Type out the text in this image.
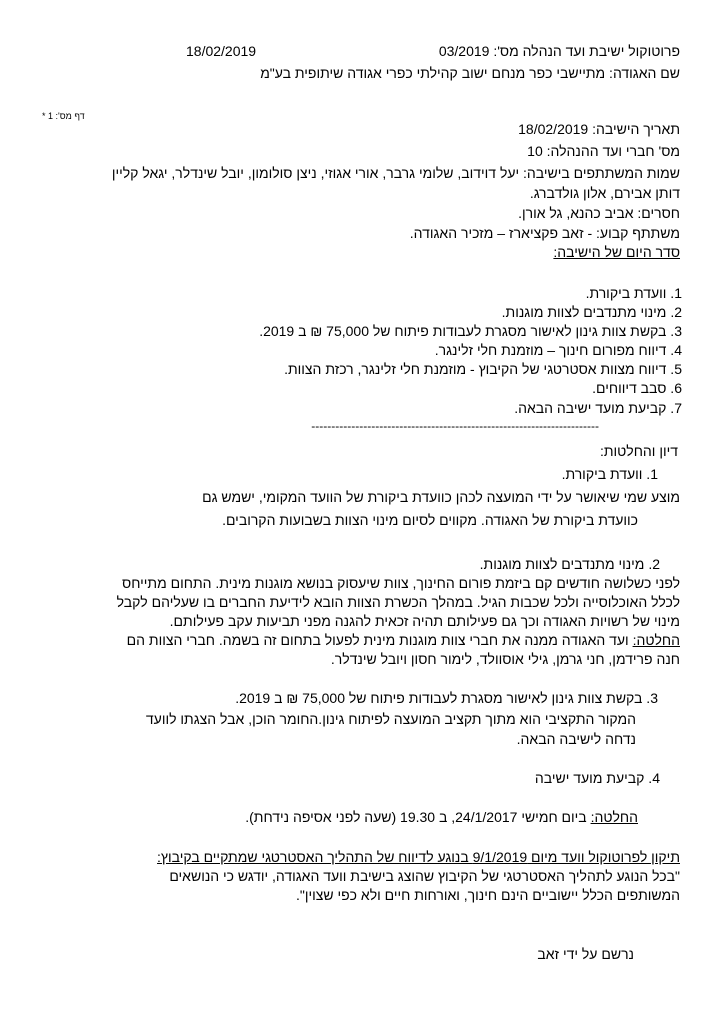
פרוטוקול ישיבת ועד הנהלה מס': 03/2019
18/02/2019
שם האגודה: מתיישבי כפר מנחם ישוב קהילתי כפרי אגודה שיתופית בע"מ
דף מס': 1 *
תאריך הישיבה: 18/02/2019
מס' חברי ועד ההנהלה: 10
שמות המשתתפים בישיבה: יעל דוידוב, שלומי גרבר, אורי אגוזי, ניצן סולומון, יובל שינדלר, יגאל קליין
דותן אבירם, אלון גולדברג.
חסרים: אביב כהנא, גל אורן.
משתתף קבוע: - זאב פקציארז – מזכיר האגודה.
סדר היום של הישיבה:
1. וועדת ביקורת.
2. מינוי מתנדבים לצוות מוגנות.
3. בקשת צוות גינון לאישור מסגרת לעבודות פיתוח של 75,000 ₪ ב 2019.
4. דיווח מפורום חינוך – מוזמנת חלי זלינגר.
5. דיווח מצוות אסטרטגי של הקיבוץ - מוזמנת חלי זלינגר, רכזת הצוות.
6. סבב דיווחים.
7. קביעת מועד ישיבה הבאה.
------------------------------------------------------------------------
דיון והחלטות:
1. וועדת ביקורת.
מוצע שמי שיאושר על ידי המועצה לכהן כוועדת ביקורת של הוועד המקומי, ישמש גם
כוועדת ביקורת של האגודה. מקווים לסיום מינוי הצוות בשבועות הקרובים.
2. מינוי מתנדבים לצוות מוגנות.
לפני כשלושה חודשים קם ביזמת פורום החינוך, צוות שיעסוק בנושא מוגנות מינית. התחום מתייחס
לכלל האוכלוסייה ולכל שכבות הגיל. במהלך הכשרת הצוות הובא לידיעת החברים בו שעליהם לקבל
מינוי של רשויות האגודה וכך גם פעילותם תהיה זכאית להגנה מפני תביעות עקב פעילותם.
החלטה: ועד האגודה ממנה את חברי צוות מוגנות מינית לפעול בתחום זה בשמה. חברי הצוות הם
חנה פרידמן, חני גרמן, גילי אוסוולד, לימור חסון ויובל שינדלר.
3. בקשת צוות גינון לאישור מסגרת לעבודות פיתוח של 75,000 ₪ ב 2019.
המקור התקציבי הוא מתוך תקציב המועצה לפיתוח גינון.החומר הוכן, אבל הצגתו לוועד
נדחה לישיבה הבאה.
4. קביעת מועד ישיבה
החלטה: ביום חמישי 24/1/2017, ב 19.30 (שעה לפני אסיפה נידחת).
תיקון לפרוטוקול וועד מיום 9/1/2019 בנוגע לדיווח של התהליך האסטרטגי שמתקיים בקיבוץ:
"בכל הנוגע לתהליך האסטרטגי של הקיבוץ שהוצג בישיבת וועד האגודה, יודגש כי הנושאים
המשותפים הכלל יישוביים הינם חינוך, ואורחות חיים ולא כפי שצוין".
נרשם על ידי זאב
